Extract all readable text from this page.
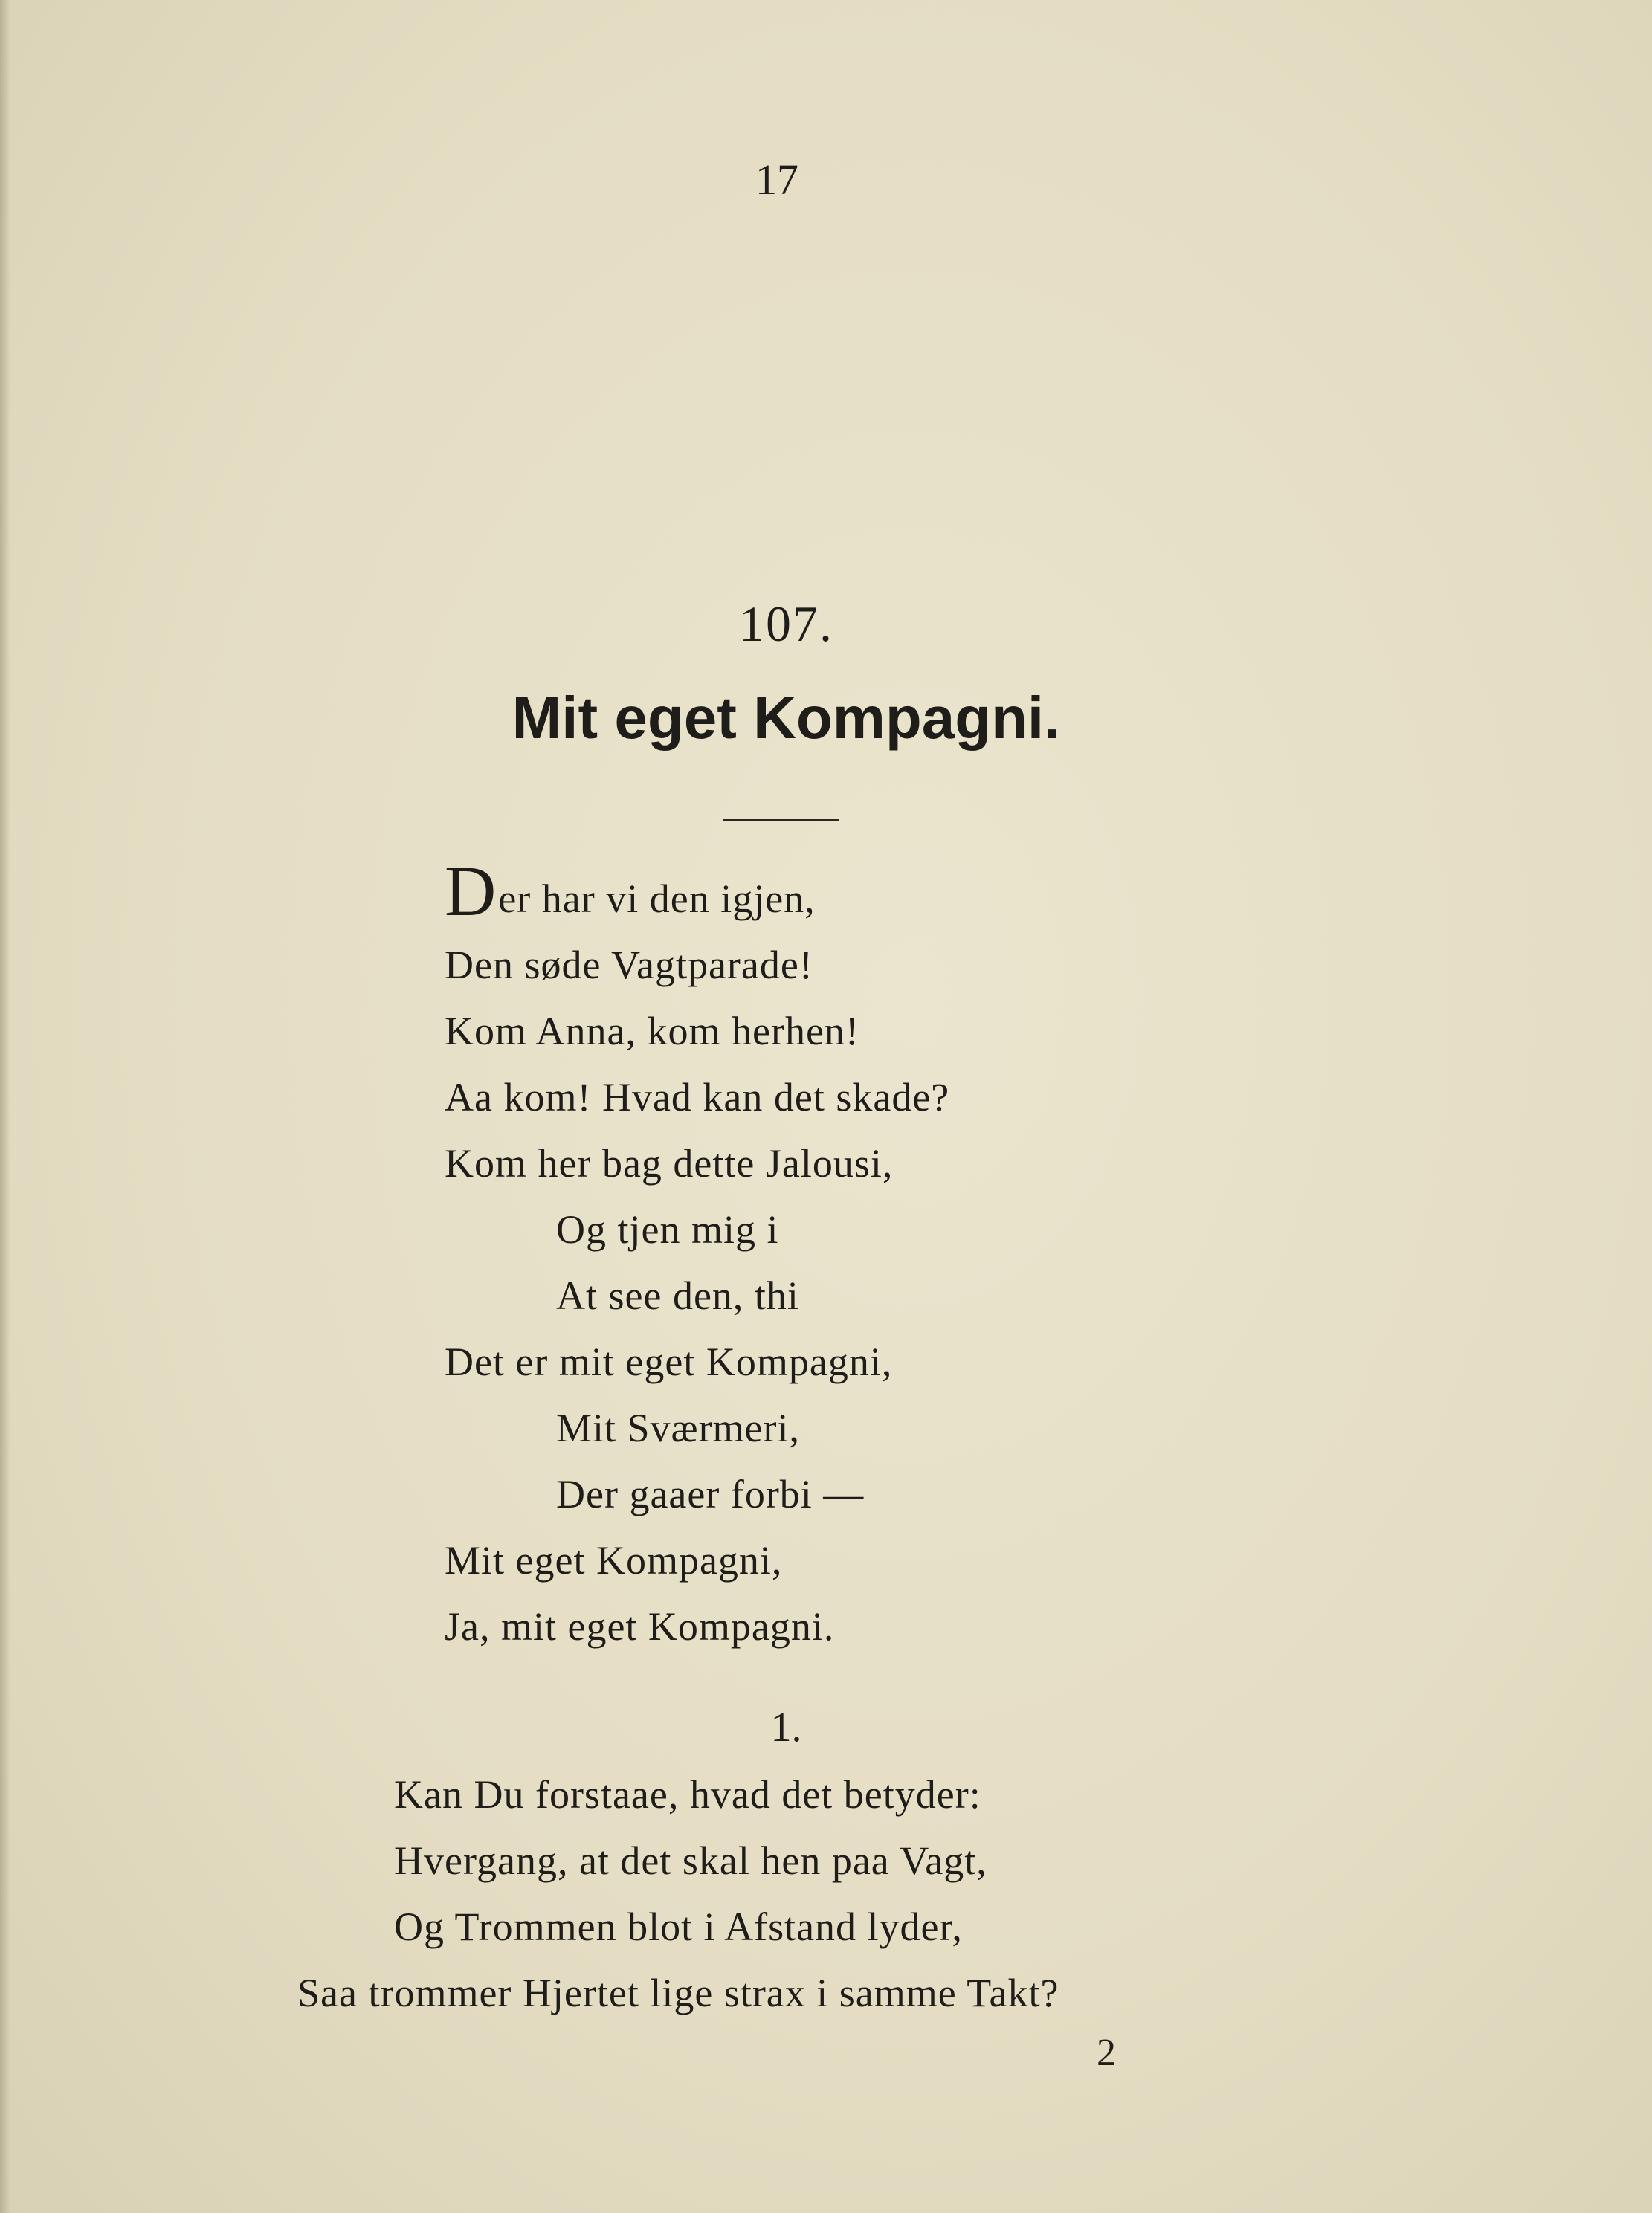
17
107.
Mit eget Kompagni.
Der har vi den igjen,
Den søde Vagtparade!
Kom Anna, kom herhen!
Aa kom! Hvad kan det skade?
Kom her bag dette Jalousi,
Og tjen mig i
At see den, thi
Det er mit eget Kompagni,
Mit Sværmeri,
Der gaaer forbi —
Mit eget Kompagni,
Ja, mit eget Kompagni.
1.
Kan Du forstaae, hvad det betyder:
Hvergang, at det skal hen paa Vagt,
Og Trommen blot i Afstand lyder,
Saa trommer Hjertet lige strax i samme Takt?
2
